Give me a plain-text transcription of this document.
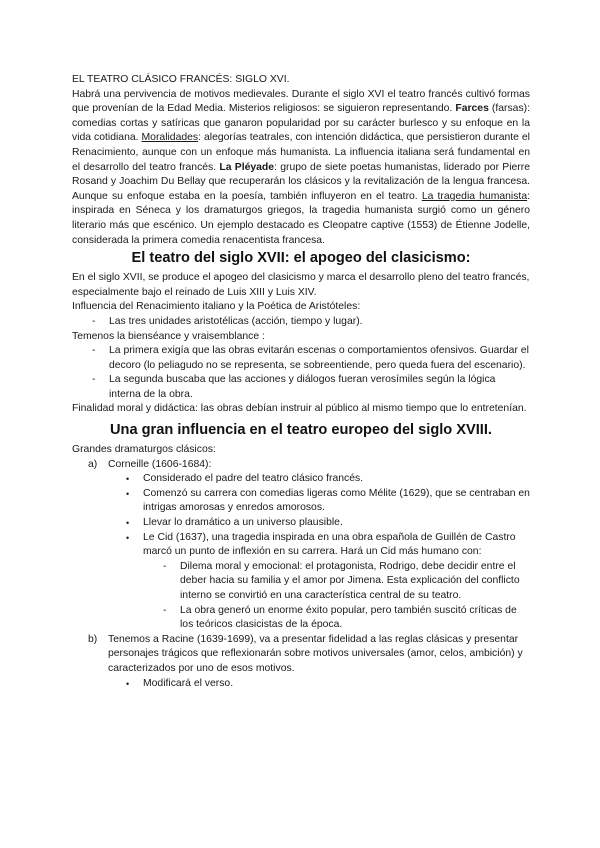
EL TEATRO CLÁSICO FRANCÉS: SIGLO XVI.

Habrá una pervivencia de motivos medievales. Durante el siglo XVI el teatro francés cultivó formas que provenían de la Edad Media. Misterios religiosos: se siguieron representando. Farces (farsas): comedias cortas y satíricas que ganaron popularidad por su carácter burlesco y su enfoque en la vida cotidiana. Moralidades: alegorías teatrales, con intención didáctica, que persistieron durante el Renacimiento, aunque con un enfoque más humanista. La influencia italiana será fundamental en el desarrollo del teatro francés. La Pléyade: grupo de siete poetas humanistas, liderado por Pierre Rosand y Joachim Du Bellay que recuperarán los clásicos y la revitalización de la lengua francesa. Aunque su enfoque estaba en la poesía, también influyeron en el teatro. La tragedia humanista: inspirada en Séneca y los dramaturgos griegos, la tragedia humanista surgió como un género literario más que escénico. Un ejemplo destacado es Cleopatre captive (1553) de Étienne Jodelle, considerada la primera comedia renacentista francesa.

El teatro del siglo XVII: el apogeo del clasicismo:

En el siglo XVII, se produce el apogeo del clasicismo y marca el desarrollo pleno del teatro francés, especialmente bajo el reinado de Luis XIII y Luis XIV.

Influencia del Renacimiento italiano y la Poética de Aristóteles:

- Las tres unidades aristotélicas (acción, tiempo y lugar).

Temenos la bienséance y vraisemblance :

- La primera exigía que las obras evitarán escenas o comportamientos ofensivos. Guardar el decoro (lo peliagudo no se representa, se sobreentiende, pero queda fuera del escenario).
- La segunda buscaba que las acciones y diálogos fueran verosímiles según la lógica interna de la obra.

Finalidad moral y didáctica: las obras debían instruir al público al mismo tiempo que lo entretenían.

Una gran influencia en el teatro europeo del siglo XVIII.

Grandes dramaturgos clásicos:

a) Corneille (1606-1684):
• Considerado el padre del teatro clásico francés.
• Comenzó su carrera con comedias ligeras como Mélite (1629), que se centraban en intrigas amorosas y enredos amorosos.
• Llevar lo dramático a un universo plausible.
• Le Cid (1637), una tragedia inspirada en una obra española de Guillén de Castro marcó un punto de inflexión en su carrera. Hará un Cid más humano con:
- Dilema moral y emocional: el protagonista, Rodrigo, debe decidir entre el deber hacia su familia y el amor por Jimena. Esta explicación del conflicto interno se convirtió en una característica central de su teatro.
- La obra generó un enorme éxito popular, pero también suscitó críticas de los teóricos clasicistas de la época.
b) Tenemos a Racine (1639-1699), va a presentar fidelidad a las reglas clásicas y presentar personajes trágicos que reflexionarán sobre motivos universales (amor, celos, ambición) y caracterizados por uno de esos motivos.
• Modificará el verso.
